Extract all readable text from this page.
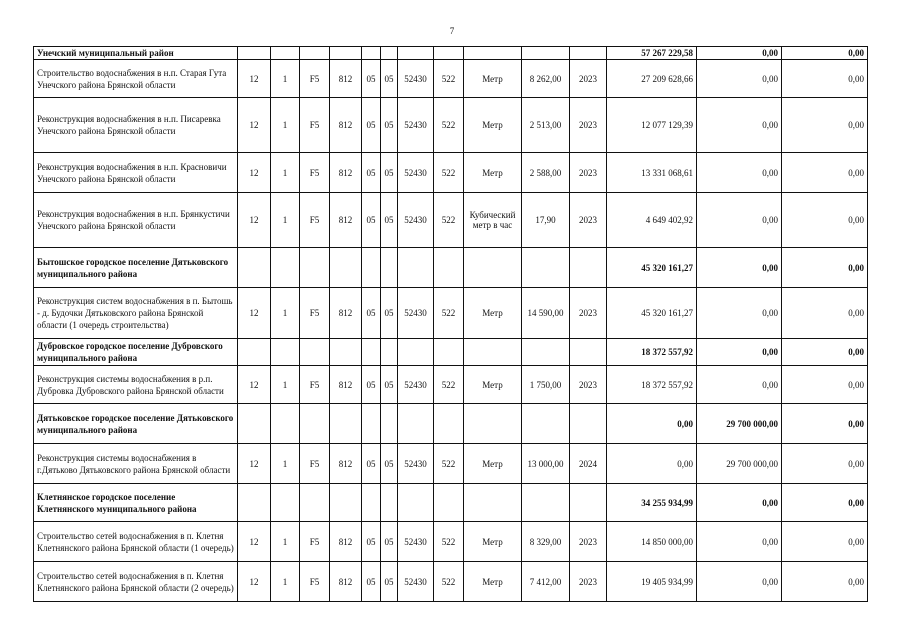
7
Унечский муниципальный район												57 267 229,58	0,00	0,00
Строительство водоснабжения в н.п. Старая Гута Унечского района Брянской области	12	1	F5	812	05	05	52430	522	Метр	8 262,00	2023	27 209 628,66	0,00	0,00
Реконструкция водоснабжения в н.п. Писаревка Унечского района Брянской области	12	1	F5	812	05	05	52430	522	Метр	2 513,00	2023	12 077 129,39	0,00	0,00
Реконструкция водоснабжения в н.п. Красновичи Унечского района Брянской области	12	1	F5	812	05	05	52430	522	Метр	2 588,00	2023	13 331 068,61	0,00	0,00
Реконструкция водоснабжения в н.п. Брянкустичи Унечского района Брянской области	12	1	F5	812	05	05	52430	522	Кубический метр в час	17,90	2023	4 649 402,92	0,00	0,00
Бытошское городское поселение Дятьковского муниципального района												45 320 161,27	0,00	0,00
Реконструкция систем водоснабжения в п. Бытошь - д. Будочки Дятьковского района Брянской области (1 очередь строительства)	12	1	F5	812	05	05	52430	522	Метр	14 590,00	2023	45 320 161,27	0,00	0,00
Дубровское городское поселение Дубровского муниципального района												18 372 557,92	0,00	0,00
Реконструкция системы водоснабжения в р.п. Дубровка Дубровского района Брянской области	12	1	F5	812	05	05	52430	522	Метр	1 750,00	2023	18 372 557,92	0,00	0,00
Дятьковское городское поселение Дятьковского муниципального района												0,00	29 700 000,00	0,00
Реконструкция системы водоснабжения в г.Дятьково Дятьковского района Брянской области	12	1	F5	812	05	05	52430	522	Метр	13 000,00	2024	0,00	29 700 000,00	0,00
Клетнянское городское поселение Клетнянского муниципального района												34 255 934,99	0,00	0,00
Строительство сетей водоснабжения в п. Клетня Клетнянского района Брянской области (1 очередь)	12	1	F5	812	05	05	52430	522	Метр	8 329,00	2023	14 850 000,00	0,00	0,00
Строительство сетей водоснабжения в п. Клетня Клетнянского района Брянской области (2 очередь)	12	1	F5	812	05	05	52430	522	Метр	7 412,00	2023	19 405 934,99	0,00	0,00
